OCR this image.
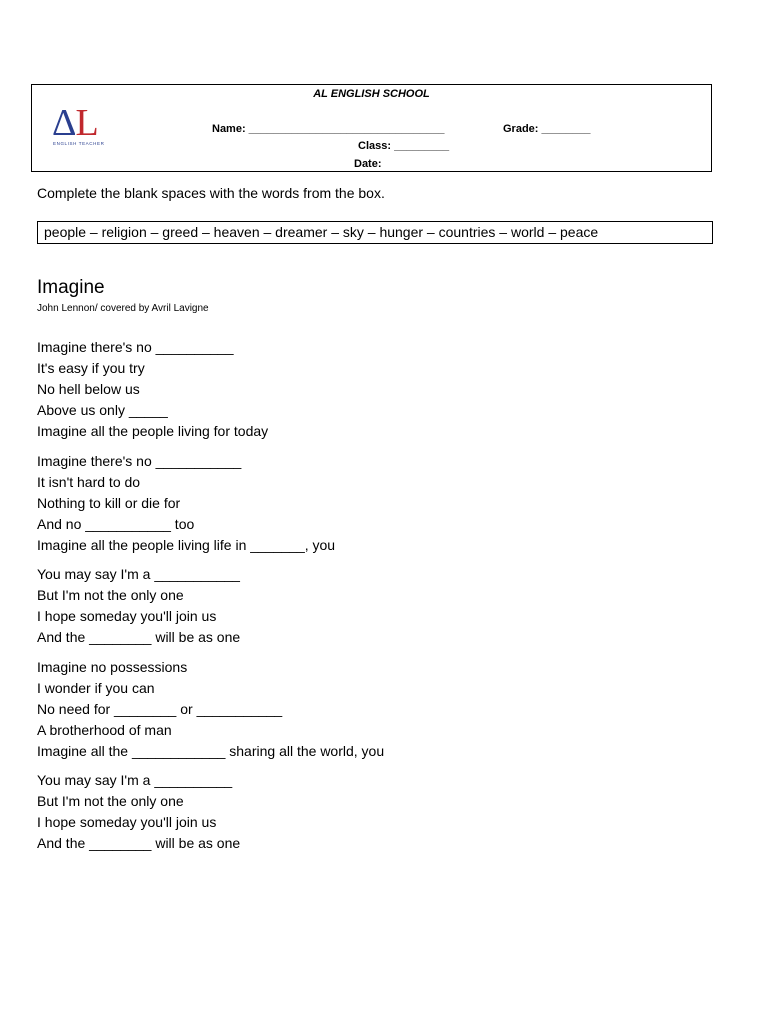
ΔL
ENGLISH TEACHER
AL ENGLISH SCHOOL
Name: ________________________________	Grade: ________
Class: _________
Date:
Complete the blank spaces with the words from the box.
people – religion – greed – heaven – dreamer – sky – hunger – countries – world – peace
Imagine
John Lennon/ covered by Avril Lavigne
Imagine there's no __________
It's easy if you try
No hell below us
Above us only _____
Imagine all the people living for today
Imagine there's no ___________
It isn't hard to do
Nothing to kill or die for
And no ___________ too
Imagine all the people living life in _______, you
You may say I'm a ___________
But I'm not the only one
I hope someday you'll join us
And the ________ will be as one
Imagine no possessions
I wonder if you can
No need for ________ or ___________
A brotherhood of man
Imagine all the ____________ sharing all the world, you
You may say I'm a __________
But I'm not the only one
I hope someday you'll join us
And the ________ will be as one
